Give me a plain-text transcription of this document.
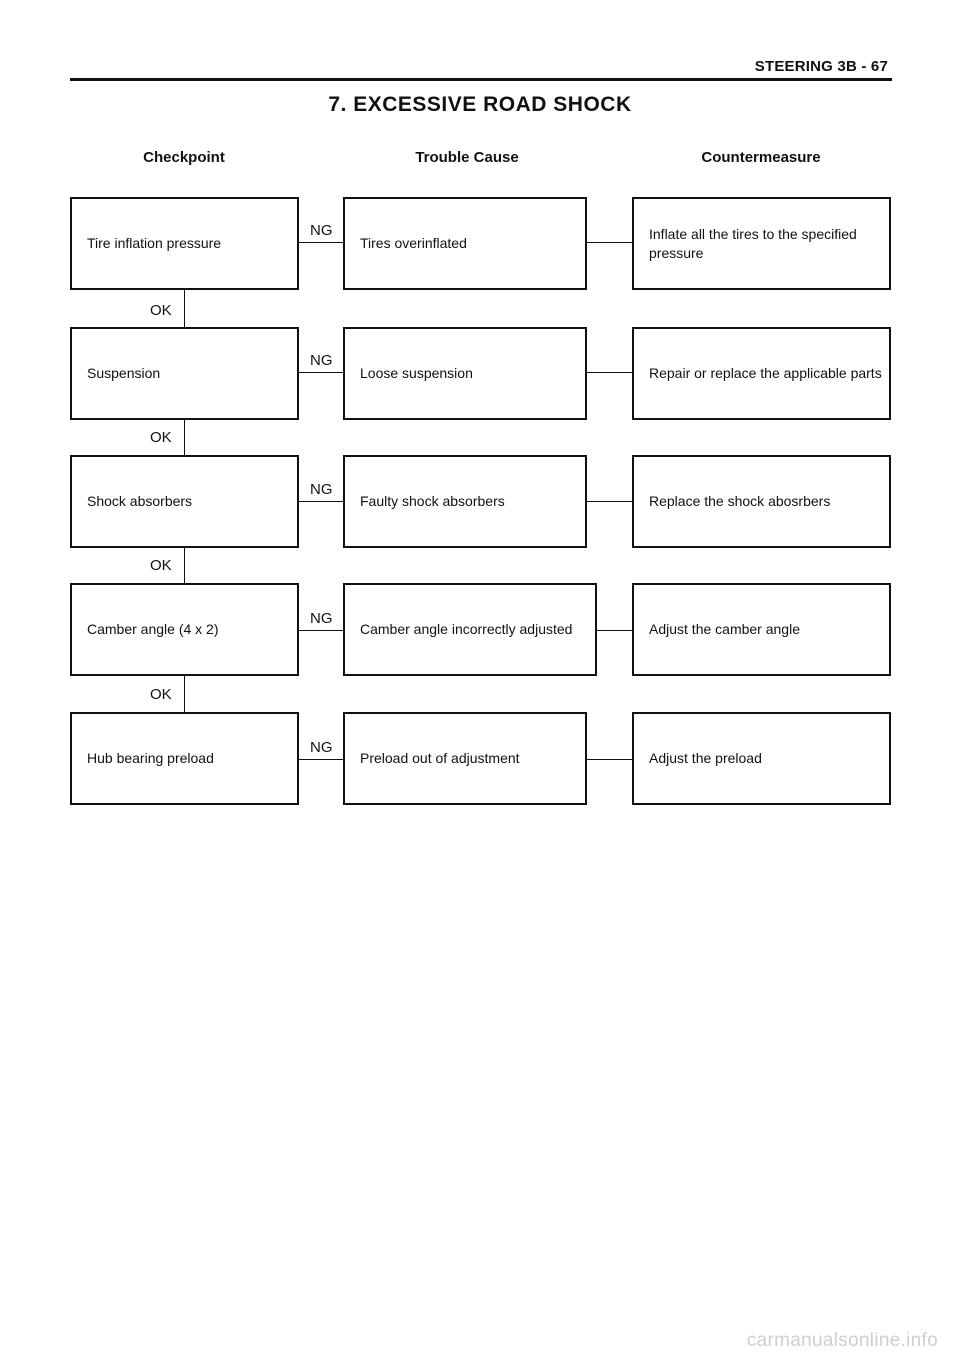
STEERING 3B - 67
7. EXCESSIVE ROAD SHOCK
Checkpoint	Trouble Cause	Countermeasure
Tire inflation pressure
NG
Tires overinflated
Inflate all the tires to the specified pressure
OK
Suspension
NG
Loose suspension	Repair or replace the applicable parts
OK
Shock absorbers
NG
Faulty shock absorbers	Replace the shock abosrbers
OK
Camber angle (4 x 2)
NG
Camber angle incorrectly adjusted	Adjust the camber angle
OK
Hub bearing preload
NG
Preload out of adjustment	Adjust the preload
carmanualsonline.info
